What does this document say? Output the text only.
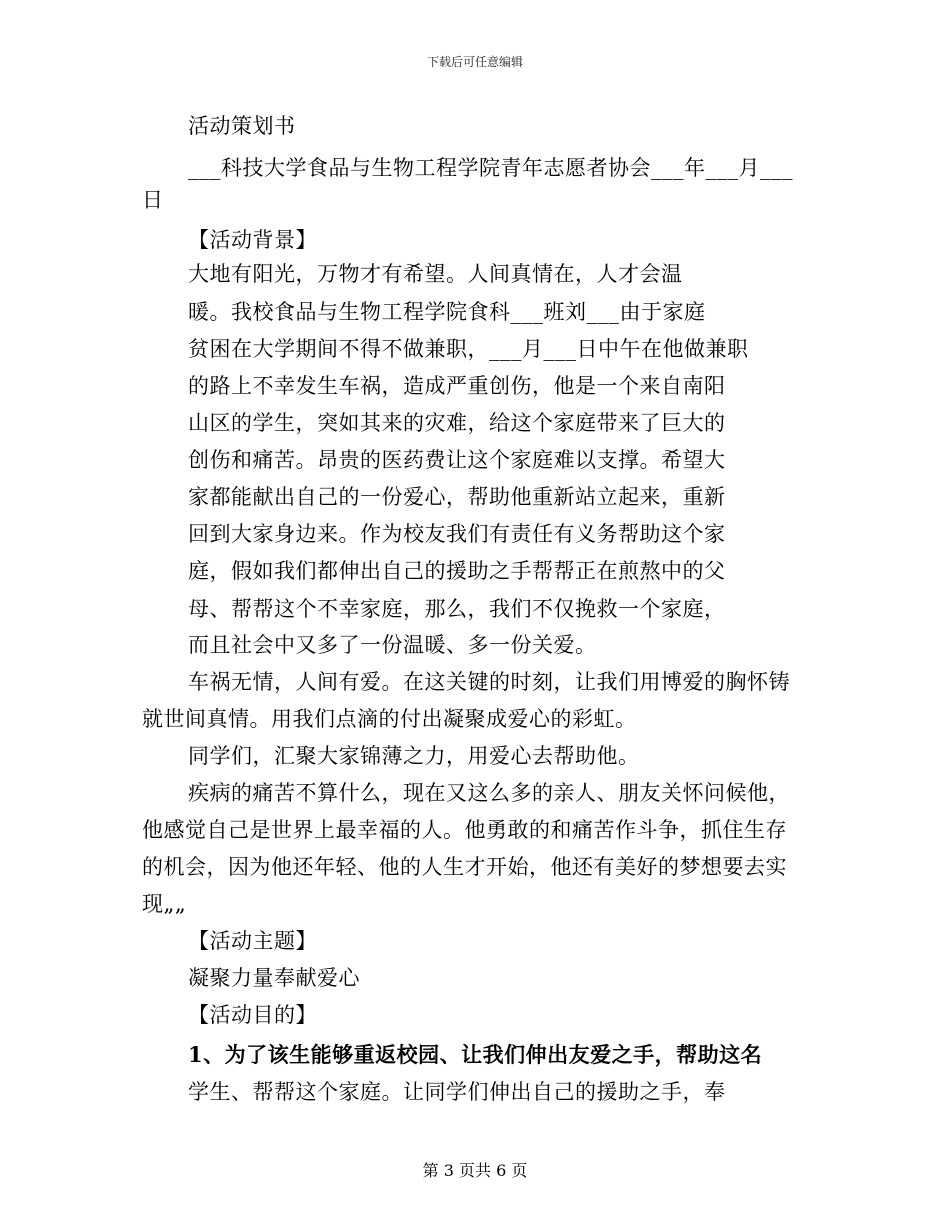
下载后可任意编辑
活动策划书
___科技大学食品与生物工程学院青年志愿者协会___年___月___
日
【活动背景】
大地有阳光，万物才有希望。人间真情在，人才会温
暖。我校食品与生物工程学院食科___班刘___由于家庭
贫困在大学期间不得不做兼职，___月___日中午在他做兼职
的路上不幸发生车祸，造成严重创伤，他是一个来自南阳
山区的学生，突如其来的灾难，给这个家庭带来了巨大的
创伤和痛苦。昂贵的医药费让这个家庭难以支撑。希望大
家都能献出自己的一份爱心，帮助他重新站立起来，重新
回到大家身边来。作为校友我们有责任有义务帮助这个家
庭，假如我们都伸出自己的援助之手帮帮正在煎熬中的父
母、帮帮这个不幸家庭，那么，我们不仅挽救一个家庭，
而且社会中又多了一份温暖、多一份关爱。
车祸无情，人间有爱。在这关键的时刻，让我们用博爱的胸怀铸
就世间真情。用我们点滴的付出凝聚成爱心的彩虹。
同学们，汇聚大家锦薄之力，用爱心去帮助他。
疾病的痛苦不算什么，现在又这么多的亲人、朋友关怀问候他，
他感觉自己是世界上最幸福的人。他勇敢的和痛苦作斗争，抓住生存
的机会，因为他还年轻、他的人生才开始，他还有美好的梦想要去实
现„„
【活动主题】
凝聚力量奉献爱心
【活动目的】
1、为了该生能够重返校园、让我们伸出友爱之手，帮助这名
学生、帮帮这个家庭。让同学们伸出自己的援助之手，奉
第 3 页共 6 页
